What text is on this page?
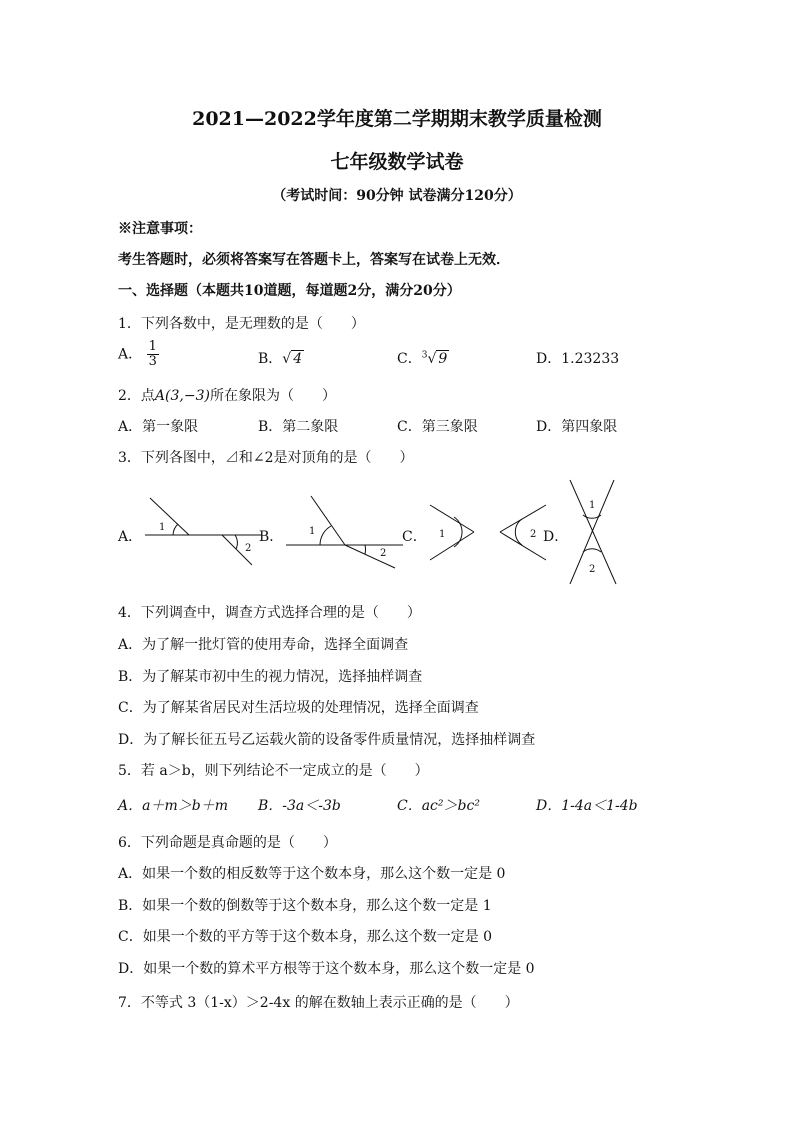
2021—2022学年度第二学期期末教学质量检测
七年级数学试卷
（考试时间：90分钟 试卷满分120分）
※注意事项：
考生答题时，必须将答案写在答题卡上，答案写在试卷上无效．
一、选择题（本题共10道题，每道题2分，满分20分）
1．下列各数中，是无理数的是（　　）
A． $\frac{1}{3}$	B．√ 4	C．$^3$√ 9	D．1.23233
2．点A(3,−3)所在象限为（　　）
A．第一象限	B．第二象限	C．第三象限	D．第四象限
3．下列各图中，⊿和∠2是对顶角的是（　　）
A．	B．	C．	D．
1
2
1
2
1	2
1
2
4．下列调查中，调查方式选择合理的是（　　）
A．为了解一批灯管的使用寿命，选择全面调查
B．为了解某市初中生的视力情况，选择抽样调查
C．为了解某省居民对生活垃圾的处理情况，选择全面调查
D．为了解长征五号乙运载火箭的设备零件质量情况，选择抽样调查
5．若 a＞b，则下列结论不一定成立的是（　　）
A．a＋m＞b＋m B．-3a＜-3b	C．ac²＞bc²	D．1-4a＜1-4b
6．下列命题是真命题的是（　　）
A．如果一个数的相反数等于这个数本身，那么这个数一定是 0
B．如果一个数的倒数等于这个数本身，那么这个数一定是 1
C．如果一个数的平方等于这个数本身，那么这个数一定是 0
D．如果一个数的算术平方根等于这个数本身，那么这个数一定是 0
7．不等式 3（1-x）＞2-4x 的解在数轴上表示正确的是（　　）
